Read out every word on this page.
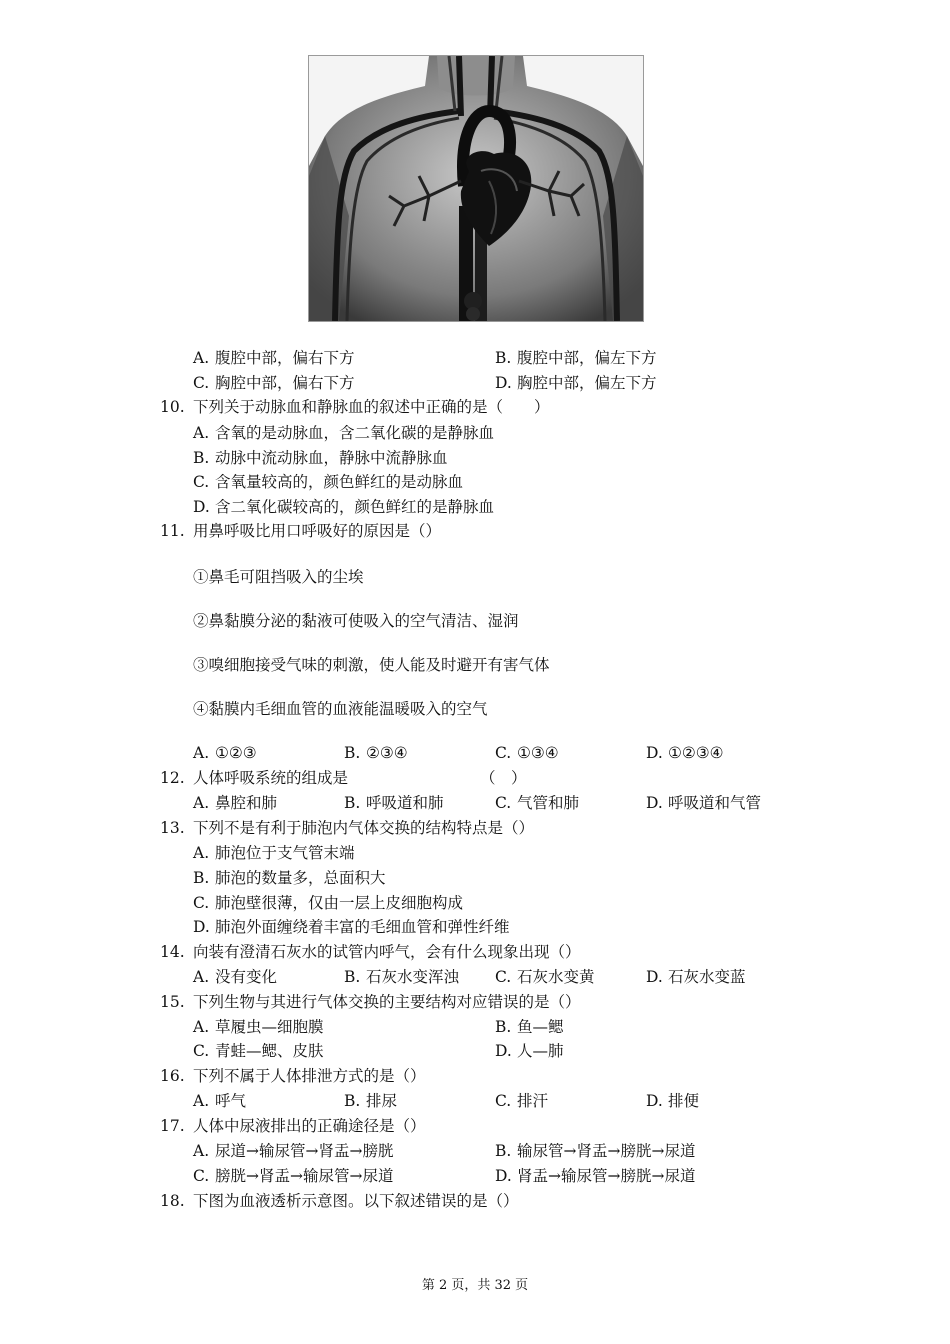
A. 腹腔中部，偏右下方	B. 腹腔中部，偏左下方
C. 胸腔中部，偏右下方	D. 胸腔中部，偏左下方
10. 下列关于动脉血和静脉血的叙述中正确的是（　　）
A. 含氧的是动脉血，含二氧化碳的是静脉血
B. 动脉中流动脉血，静脉中流静脉血
C. 含氧量较高的，颜色鲜红的是动脉血
D. 含二氧化碳较高的，颜色鲜红的是静脉血
11. 用鼻呼吸比用口呼吸好的原因是（）
①鼻毛可阻挡吸入的尘埃
②鼻黏膜分泌的黏液可使吸入的空气清洁、湿润
③嗅细胞接受气味的刺激，使人能及时避开有害气体
④黏膜内毛细血管的血液能温暖吸入的空气
A. ①②③	B. ②③④	C. ①③④	D. ①②③④
12. 人体呼吸系统的组成是	（　）
A. 鼻腔和肺	B. 呼吸道和肺	C. 气管和肺	D. 呼吸道和气管
13. 下列不是有利于肺泡内气体交换的结构特点是（）
A. 肺泡位于支气管末端
B. 肺泡的数量多，总面积大
C. 肺泡壁很薄，仅由一层上皮细胞构成
D. 肺泡外面缠绕着丰富的毛细血管和弹性纤维
14. 向装有澄清石灰水的试管内呼气，会有什么现象出现（）
A. 没有变化	B. 石灰水变浑浊 C. 石灰水变黄	D. 石灰水变蓝
15. 下列生物与其进行气体交换的主要结构对应错误的是（）
A. 草履虫—细胞膜	B. 鱼—鳃
C. 青蛙—鳃、皮肤	D. 人—肺
16. 下列不属于人体排泄方式的是（）
A. 呼气	B. 排尿	C. 排汗	D. 排便
17. 人体中尿液排出的正确途径是（）
A. 尿道→输尿管→肾盂→膀胱	B. 输尿管→肾盂→膀胱→尿道
C. 膀胱→肾盂→输尿管→尿道	D. 肾盂→输尿管→膀胱→尿道
18. 下图为血液透析示意图。以下叙述错误的是（）
第 2 页，共 32 页
